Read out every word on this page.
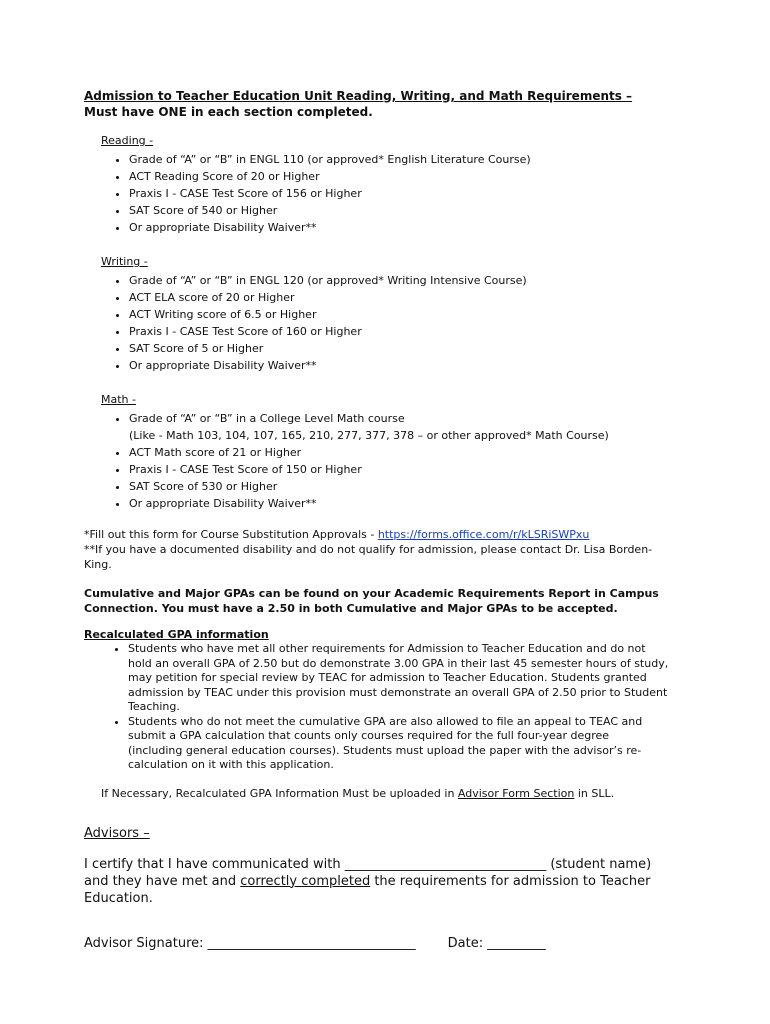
Admission to Teacher Education Unit Reading, Writing, and Math Requirements –
Must have ONE in each section completed.

Reading -

• Grade of “A” or “B” in ENGL 110 (or approved* English Literature Course)
• ACT Reading Score of 20 or Higher
• Praxis I - CASE Test Score of 156 or Higher
• SAT Score of 540 or Higher
• Or appropriate Disability Waiver**

Writing -

• Grade of “A” or “B” in ENGL 120 (or approved* Writing Intensive Course)
• ACT ELA score of 20 or Higher
• ACT Writing score of 6.5 or Higher
• Praxis I - CASE Test Score of 160 or Higher
• SAT Score of 5 or Higher
• Or appropriate Disability Waiver**

Math -

• Grade of “A” or “B” in a College Level Math course
(Like - Math 103, 104, 107, 165, 210, 277, 377, 378 – or other approved* Math Course)
• ACT Math score of 21 or Higher
• Praxis I - CASE Test Score of 150 or Higher
• SAT Score of 530 or Higher
• Or appropriate Disability Waiver**

*Fill out this form for Course Substitution Approvals - https://forms.office.com/r/kLSRiSWPxu

**If you have a documented disability and do not qualify for admission, please contact Dr. Lisa Borden-
King.

Cumulative and Major GPAs can be found on your Academic Requirements Report in Campus
Connection. You must have a 2.50 in both Cumulative and Major GPAs to be accepted.

Recalculated GPA information

• Students who have met all other requirements for Admission to Teacher Education and do not
hold an overall GPA of 2.50 but do demonstrate 3.00 GPA in their last 45 semester hours of study,
may petition for special review by TEAC for admission to Teacher Education. Students granted
admission by TEAC under this provision must demonstrate an overall GPA of 2.50 prior to Student
Teaching.
• Students who do not meet the cumulative GPA are also allowed to file an appeal to TEAC and
submit a GPA calculation that counts only courses required for the full four-year degree
(including general education courses). Students must upload the paper with the advisor’s re-
calculation on it with this application.

If Necessary, Recalculated GPA Information Must be uploaded in Advisor Form Section in SLL.

Advisors –

I certify that I have communicated with _______________________________ (student name)
and they have met and correctly completed the requirements for admission to Teacher
Education.

Advisor Signature: ________________________________ Date: _________
